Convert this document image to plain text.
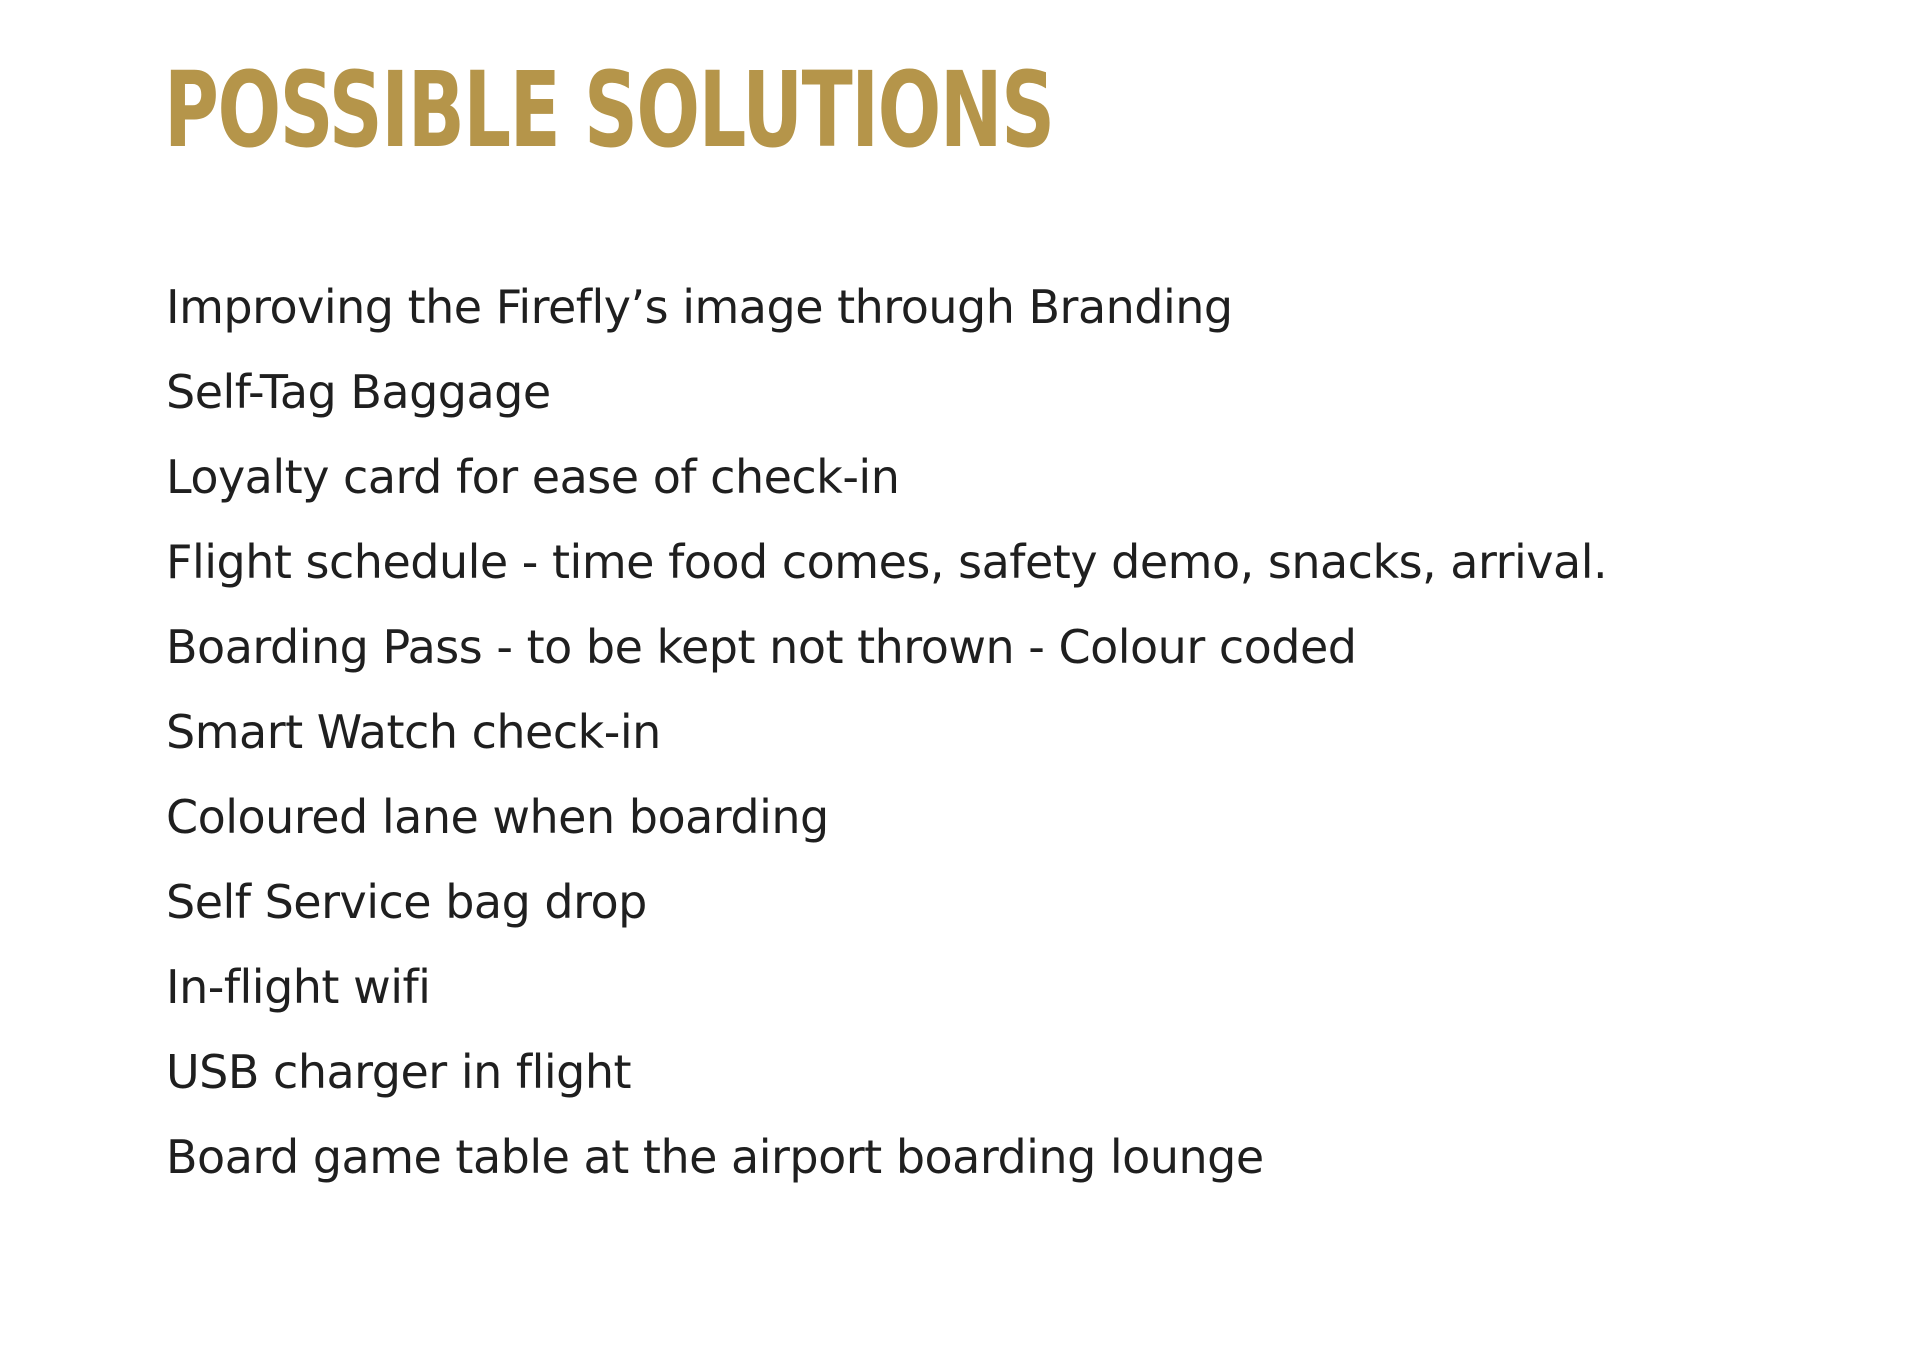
POSSIBLE SOLUTIONS
Improving the Firefly’s image through Branding
Self-Tag Baggage
Loyalty card for ease of check-in
Flight schedule - time food comes, safety demo, snacks, arrival.
Boarding Pass - to be kept not thrown - Colour coded
Smart Watch check-in
Coloured lane when boarding
Self Service bag drop
In-flight wifi
USB charger in flight
Board game table at the airport boarding lounge
